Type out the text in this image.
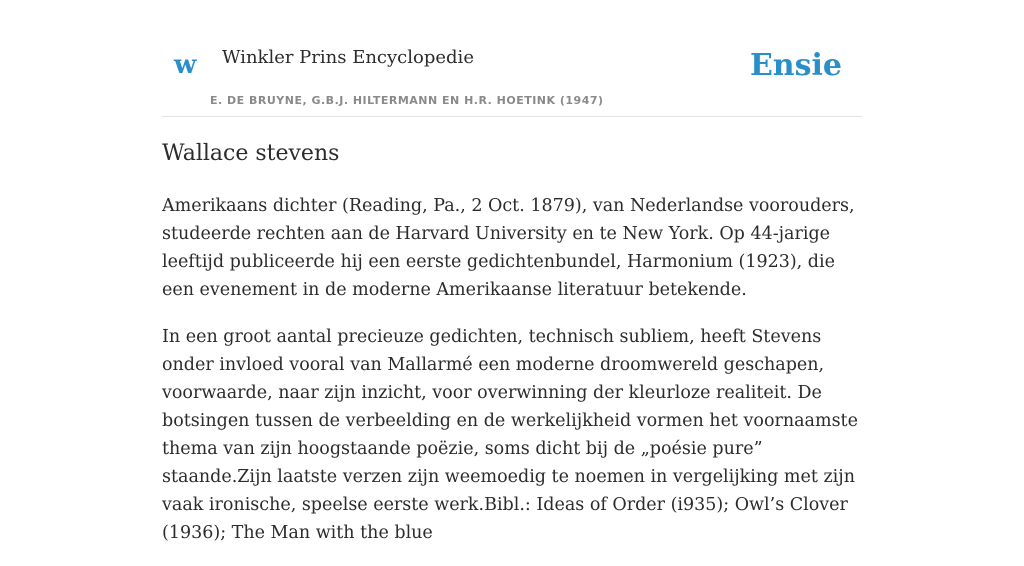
w Winkler Prins Encyclopedie
E. DE BRUYNE, G.B.J. HILTERMANN EN H.R. HOETINK (1947)
Ensie
Wallace stevens

Amerikaans dichter (Reading, Pa., 2 Oct. 1879), van Nederlandse voorouders, studeerde rechten aan de Harvard University en te New York. Op 44-jarige leeftijd publiceerde hij een eerste gedichtenbundel, Harmonium (1923), die een evenement in de moderne Amerikaanse literatuur betekende.

In een groot aantal precieuze gedichten, technisch subliem, heeft Stevens onder invloed vooral van Mallarmé een moderne droomwereld geschapen, voorwaarde, naar zijn inzicht, voor overwinning der kleurloze realiteit. De botsingen tussen de verbeelding en de werkelijkheid vormen het voornaamste thema van zijn hoogstaande poëzie, soms dicht bij de „poésie pure” staande.Zijn laatste verzen zijn weemoedig te noemen in vergelijking met zijn vaak ironische, speelse eerste werk.Bibl.: Ideas of Order (i935); Owl’s Clover (1936); The Man with the blue
